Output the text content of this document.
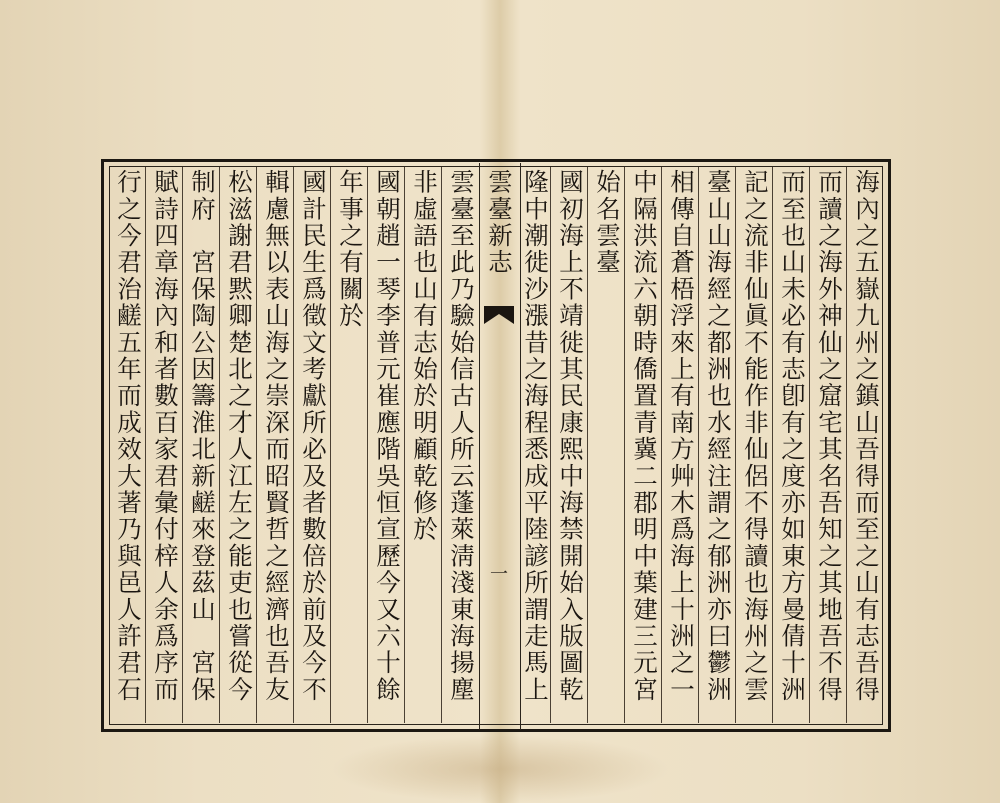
一	海內之五嶽九州之鎮山吾得而至之山有志吾得
而讀之海外神仙之窟宅其名吾知之其地吾不得
而至也山未必有志卽有之度亦如東方曼倩十洲
記之流非仙眞不能作非仙侶不得讀也海州之雲
臺山山海經之都洲也水經注謂之郁洲亦曰鬱洲
相傳自蒼梧浮來上有南方艸木爲海上十洲之一
中隔洪流六朝時僑置青冀二郡明中葉建三元宮
始名雲臺
國初海上不靖徙其民康熙中海禁開始入版圖乾
隆中潮徙沙漲昔之海程悉成平陸諺所謂走馬上
雲臺新志
雲臺至此乃驗始信古人所云蓬萊淸淺東海揚塵
非虛語也山有志始於明顧乾修於
國朝趙一琴李普元崔應階吳恒宣歷今又六十餘
年事之有關於
國計民生爲徵文考獻所必及者數倍於前及今不
輯慮無以表山海之崇深而昭賢哲之經濟也吾友
松滋謝君黙卿楚北之才人江左之能吏也嘗從今
制府　宮保陶公因籌淮北新鹺來登茲山　宮保
賦詩四章海內和者數百家君彙付梓人余爲序而
行之今君治鹺五年而成效大著乃與邑人許君石
